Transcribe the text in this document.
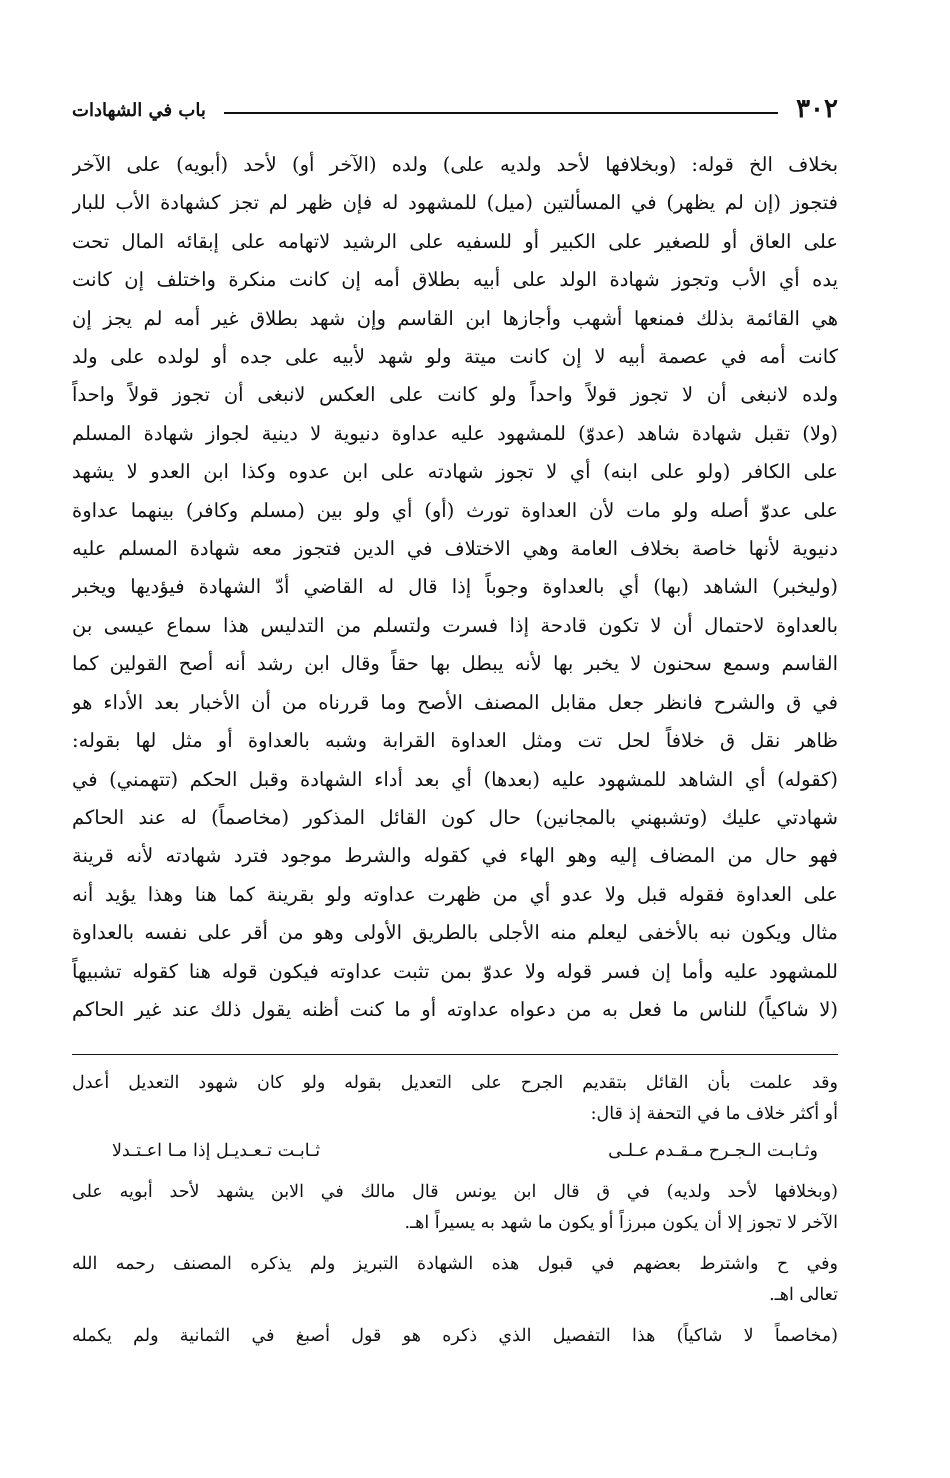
٣٠٢
باب في الشهادات
بخلاف الخ قوله: (وبخلافها لأحد ولديه على) ولده (الآخر أو) لأحد (أبويه) على الآخر
فتجوز (إن لم يظهر) في المسألتين (ميل) للمشهود له فإن ظهر لم تجز كشهادة الأب للبار
على العاق أو للصغير على الكبير أو للسفيه على الرشيد لاتهامه على إبقائه المال تحت
يده أي الأب وتجوز شهادة الولد على أبيه بطلاق أمه إن كانت منكرة واختلف إن كانت
هي القائمة بذلك فمنعها أشهب وأجازها ابن القاسم وإن شهد بطلاق غير أمه لم يجز إن
كانت أمه في عصمة أبيه لا إن كانت ميتة ولو شهد لأبيه على جده أو لولده على ولد
ولده لانبغى أن لا تجوز قولاً واحداً ولو كانت على العكس لانبغى أن تجوز قولاً واحداً
(ولا) تقبل شهادة شاهد (عدوّ) للمشهود عليه عداوة دنيوية لا دينية لجواز شهادة المسلم
على الكافر (ولو على ابنه) أي لا تجوز شهادته على ابن عدوه وكذا ابن العدو لا يشهد
على عدوّ أصله ولو مات لأن العداوة تورث (أو) أي ولو بين (مسلم وكافر) بينهما عداوة
دنيوية لأنها خاصة بخلاف العامة وهي الاختلاف في الدين فتجوز معه شهادة المسلم عليه
(وليخبر) الشاهد (بها) أي بالعداوة وجوباً إذا قال له القاضي أدّ الشهادة فيؤديها ويخبر
بالعداوة لاحتمال أن لا تكون قادحة إذا فسرت ولتسلم من التدليس هذا سماع عيسى بن
القاسم وسمع سحنون لا يخبر بها لأنه يبطل بها حقاً وقال ابن رشد أنه أصح القولين كما
في ق والشرح فانظر جعل مقابل المصنف الأصح وما قررناه من أن الأخبار بعد الأداء هو
ظاهر نقل ق خلافاً لحل تت ومثل العداوة القرابة وشبه بالعداوة أو مثل لها بقوله:
(كقوله) أي الشاهد للمشهود عليه (بعدها) أي بعد أداء الشهادة وقبل الحكم (تتهمني) في
شهادتي عليك (وتشبهني بالمجانين) حال كون القائل المذكور (مخاصماً) له عند الحاكم
فهو حال من المضاف إليه وهو الهاء في كقوله والشرط موجود فترد شهادته لأنه قرينة
على العداوة فقوله قبل ولا عدو أي من ظهرت عداوته ولو بقرينة كما هنا وهذا يؤيد أنه
مثال ويكون نبه بالأخفى ليعلم منه الأجلى بالطريق الأولى وهو من أقر على نفسه بالعداوة
للمشهود عليه وأما إن فسر قوله ولا عدوّ بمن تثبت عداوته فيكون قوله هنا كقوله تشبيهاً
(لا شاكياً) للناس ما فعل به من دعواه عداوته أو ما كنت أظنه يقول ذلك عند غير الحاكم
وقد علمت بأن القائل بتقديم الجرح على التعديل بقوله ولو كان شهود التعديل أعدل
أو أكثر خلاف ما في التحفة إذ قال:
وثـابـت الـجـرح مـقـدم عـلـى
ثـابـت تـعـديـل إذا مـا اعـتـدلا
(وبخلافها لأحد ولديه) في ق قال ابن يونس قال مالك في الابن يشهد لأحد أبويه على
الآخر لا تجوز إلا أن يكون مبرزاً أو يكون ما شهد به يسيراً اهـ.
وفي ح واشترط بعضهم في قبول هذه الشهادة التبريز ولم يذكره المصنف رحمه الله
تعالى اهـ.
(مخاصماً لا شاكياً) هذا التفصيل الذي ذكره هو قول أصبغ في الثمانية ولم يكمله
